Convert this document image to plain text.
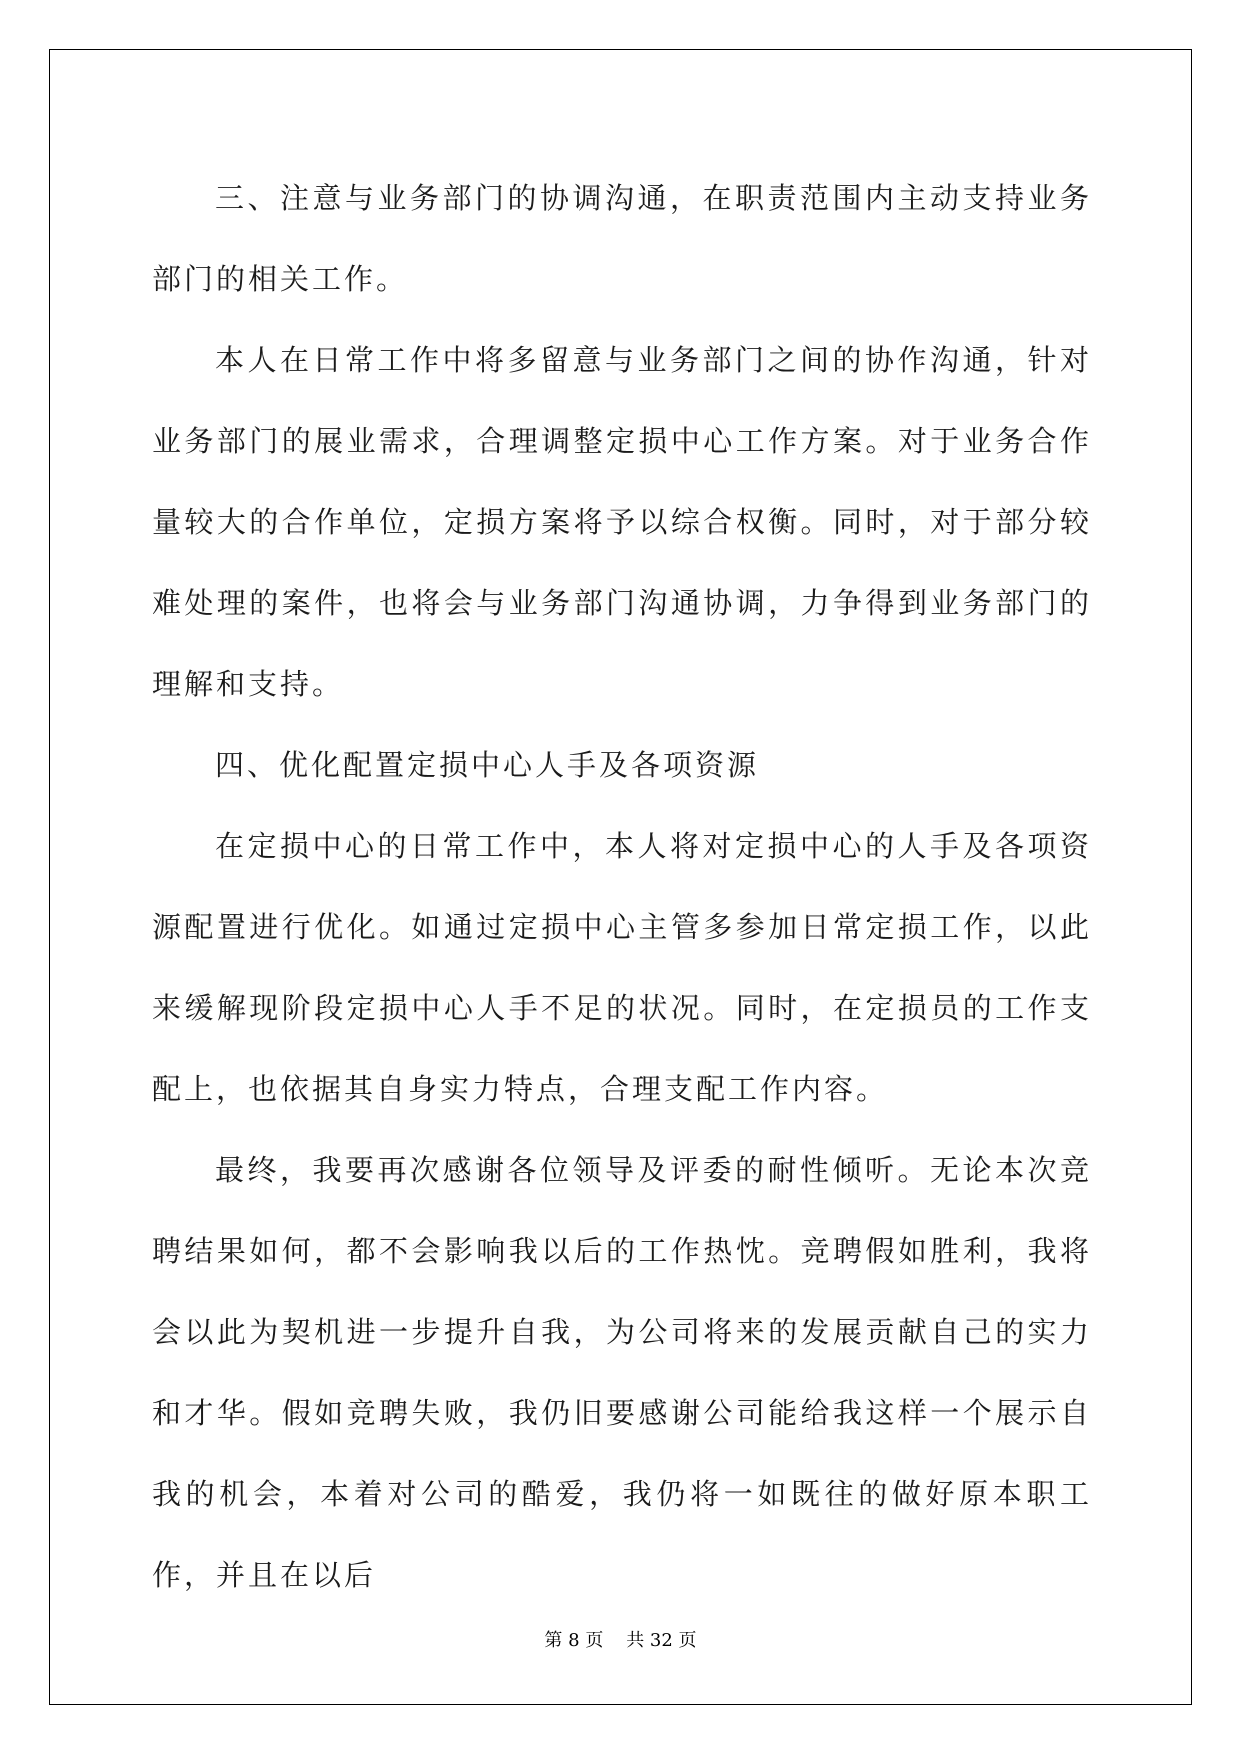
三、注意与业务部门的协调沟通，在职责范围内主动支持业务部门的相关工作。

本人在日常工作中将多留意与业务部门之间的协作沟通，针对业务部门的展业需求，合理调整定损中心工作方案。对于业务合作量较大的合作单位，定损方案将予以综合权衡。同时，对于部分较难处理的案件，也将会与业务部门沟通协调，力争得到业务部门的理解和支持。

四、优化配置定损中心人手及各项资源

在定损中心的日常工作中，本人将对定损中心的人手及各项资源配置进行优化。如通过定损中心主管多参加日常定损工作，以此来缓解现阶段定损中心人手不足的状况。同时，在定损员的工作支配上，也依据其自身实力特点，合理支配工作内容。

最终，我要再次感谢各位领导及评委的耐性倾听。无论本次竞聘结果如何，都不会影响我以后的工作热忱。竞聘假如胜利，我将会以此为契机进一步提升自我，为公司将来的发展贡献自己的实力和才华。假如竞聘失败，我仍旧要感谢公司能给我这样一个展示自我的机会，本着对公司的酷爱，我仍将一如既往的做好原本职工作，并且在以后

第 8 页    共 32 页
